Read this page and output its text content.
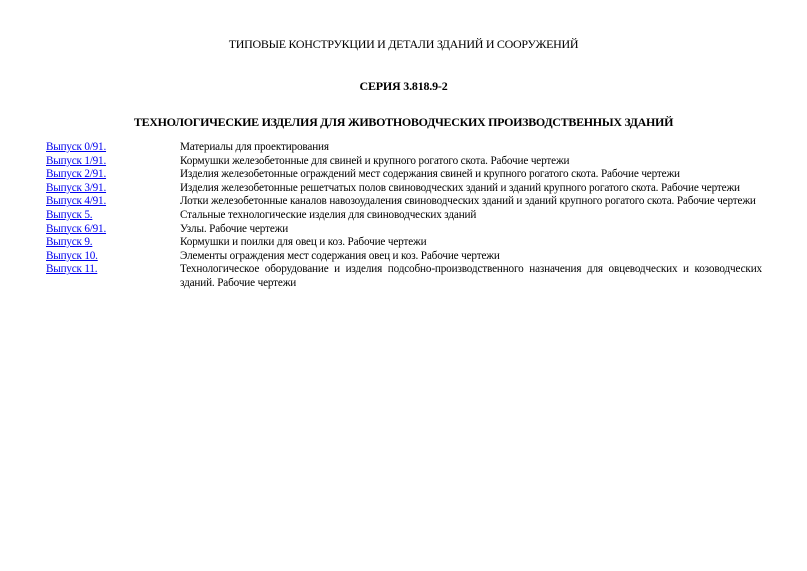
ТИПОВЫЕ КОНСТРУКЦИИ И ДЕТАЛИ ЗДАНИЙ И СООРУЖЕНИЙ
СЕРИЯ 3.818.9-2
ТЕХНОЛОГИЧЕСКИЕ ИЗДЕЛИЯ ДЛЯ ЖИВОТНОВОДЧЕСКИХ ПРОИЗВОДСТВЕННЫХ ЗДАНИЙ
Выпуск 0/91.	Материалы для проектирования
Выпуск 1/91.	Кормушки железобетонные для свиней и крупного рогатого скота. Рабочие чертежи
Выпуск 2/91.	Изделия железобетонные ограждений мест содержания свиней и крупного рогатого скота. Рабочие чертежи
Выпуск 3/91.	Изделия железобетонные решетчатых полов свиноводческих зданий и зданий крупного рогатого скота. Рабочие чертежи
Выпуск 4/91.	Лотки железобетонные каналов навозоудаления свиноводческих зданий и зданий крупного рогатого скота. Рабочие чертежи
Выпуск 5.	Стальные технологические изделия для свиноводческих зданий
Выпуск 6/91.	Узлы. Рабочие чертежи
Выпуск 9.	Кормушки и поилки для овец и коз. Рабочие чертежи
Выпуск 10.	Элементы ограждения мест содержания овец и коз. Рабочие чертежи
Выпуск 11.	Технологическое оборудование и изделия подсобно-производственного назначения для овцеводческих и козоводческих зданий. Рабочие чертежи
